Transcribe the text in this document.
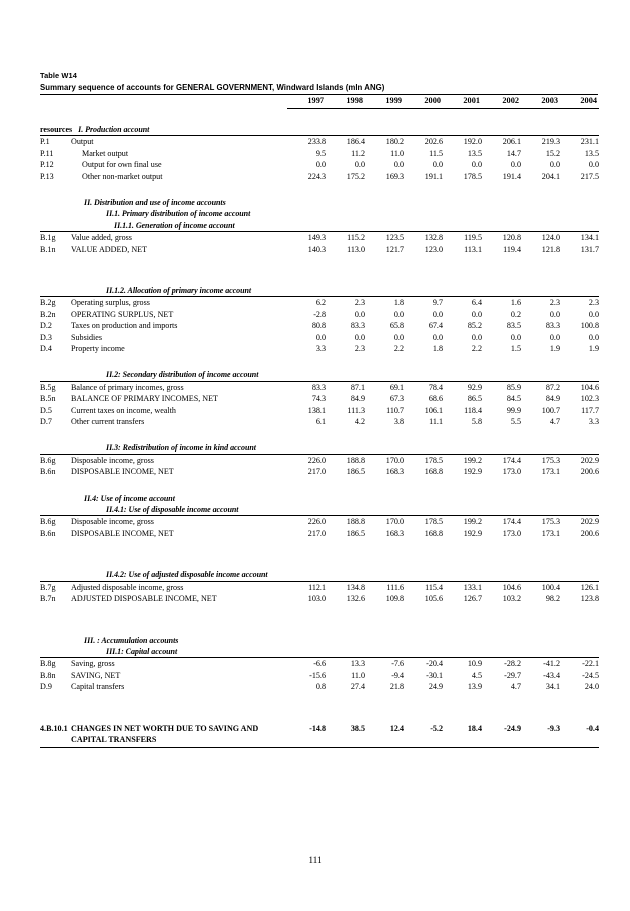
Table W14
Summary sequence of accounts for GENERAL GOVERNMENT, Windward Islands (mln ANG)
		1997	1998	1999	2000	2001	2002	2003	2004

resources I. Production account									
P.1	Output	233.8	186.4	180.2	202.6	192.0	206.1	219.3	231.1
P.11	Market output	9.5	11.2	11.0	11.5	13.5	14.7	15.2	13.5
P.12	Output for own final use	0.0	0.0	0.0	0.0	0.0	0.0	0.0	0.0
P.13	Other non-market output	224.3	175.2	169.3	191.1	178.5	191.4	204.1	217.5

II. Distribution and use of income accounts									
II.1. Primary distribution of income account									
II.1.1. Generation of income account									
B.1g	Value added, gross	149.3	115.2	123.5	132.8	119.5	120.8	124.0	134.1
B.1n	VALUE ADDED, NET	140.3	113.0	121.7	123.0	113.1	119.4	121.8	131.7

II.1.2. Allocation of primary income account									
B.2g	Operating surplus, gross	6.2	2.3	1.8	9.7	6.4	1.6	2.3	2.3
B.2n	OPERATING SURPLUS, NET	-2.8	0.0	0.0	0.0	0.0	0.2	0.0	0.0
D.2	Taxes on production and imports	80.8	83.3	65.8	67.4	85.2	83.5	83.3	100.8
D.3	Subsidies	0.0	0.0	0.0	0.0	0.0	0.0	0.0	0.0
D.4	Property income	3.3	2.3	2.2	1.8	2.2	1.5	1.9	1.9

II.2: Secondary distribution of income account									
B.5g	Balance of primary incomes, gross	83.3	87.1	69.1	78.4	92.9	85.9	87.2	104.6
B.5n	BALANCE OF PRIMARY INCOMES, NET	74.3	84.9	67.3	68.6	86.5	84.5	84.9	102.3
D.5	Current taxes on income, wealth	138.1	111.3	110.7	106.1	118.4	99.9	100.7	117.7
D.7	Other current transfers	6.1	4.2	3.8	11.1	5.8	5.5	4.7	3.3

II.3: Redistribution of income in kind account									
B.6g	Disposable income, gross	226.0	188.8	170.0	178.5	199.2	174.4	175.3	202.9
B.6n	DISPOSABLE INCOME, NET	217.0	186.5	168.3	168.8	192.9	173.0	173.1	200.6

II.4: Use of income account									
II.4.1: Use of disposable income account									
B.6g	Disposable income, gross	226.0	188.8	170.0	178.5	199.2	174.4	175.3	202.9
B.6n	DISPOSABLE INCOME, NET	217.0	186.5	168.3	168.8	192.9	173.0	173.1	200.6

II.4.2: Use of adjusted disposable income account									
B.7g	Adjusted disposable income, gross	112.1	134.8	111.6	115.4	133.1	104.6	100.4	126.1
B.7n	ADJUSTED DISPOSABLE INCOME, NET	103.0	132.6	109.8	105.6	126.7	103.2	98.2	123.8

III. : Accumulation accounts									
III.1: Capital account									
B.8g	Saving, gross	-6.6	13.3	-7.6	-20.4	10.9	-28.2	-41.2	-22.1
B.8n	SAVING, NET	-15.6	11.0	-9.4	-30.1	4.5	-29.7	-43.4	-24.5
D.9	Capital transfers	0.8	27.4	21.8	24.9	13.9	4.7	34.1	24.0

4.B.10.1	CHANGES IN NET WORTH DUE TO SAVING AND	-14.8	38.5	12.4	-5.2	18.4	-24.9	-9.3	-0.4
	CAPITAL TRANSFERS								
111
